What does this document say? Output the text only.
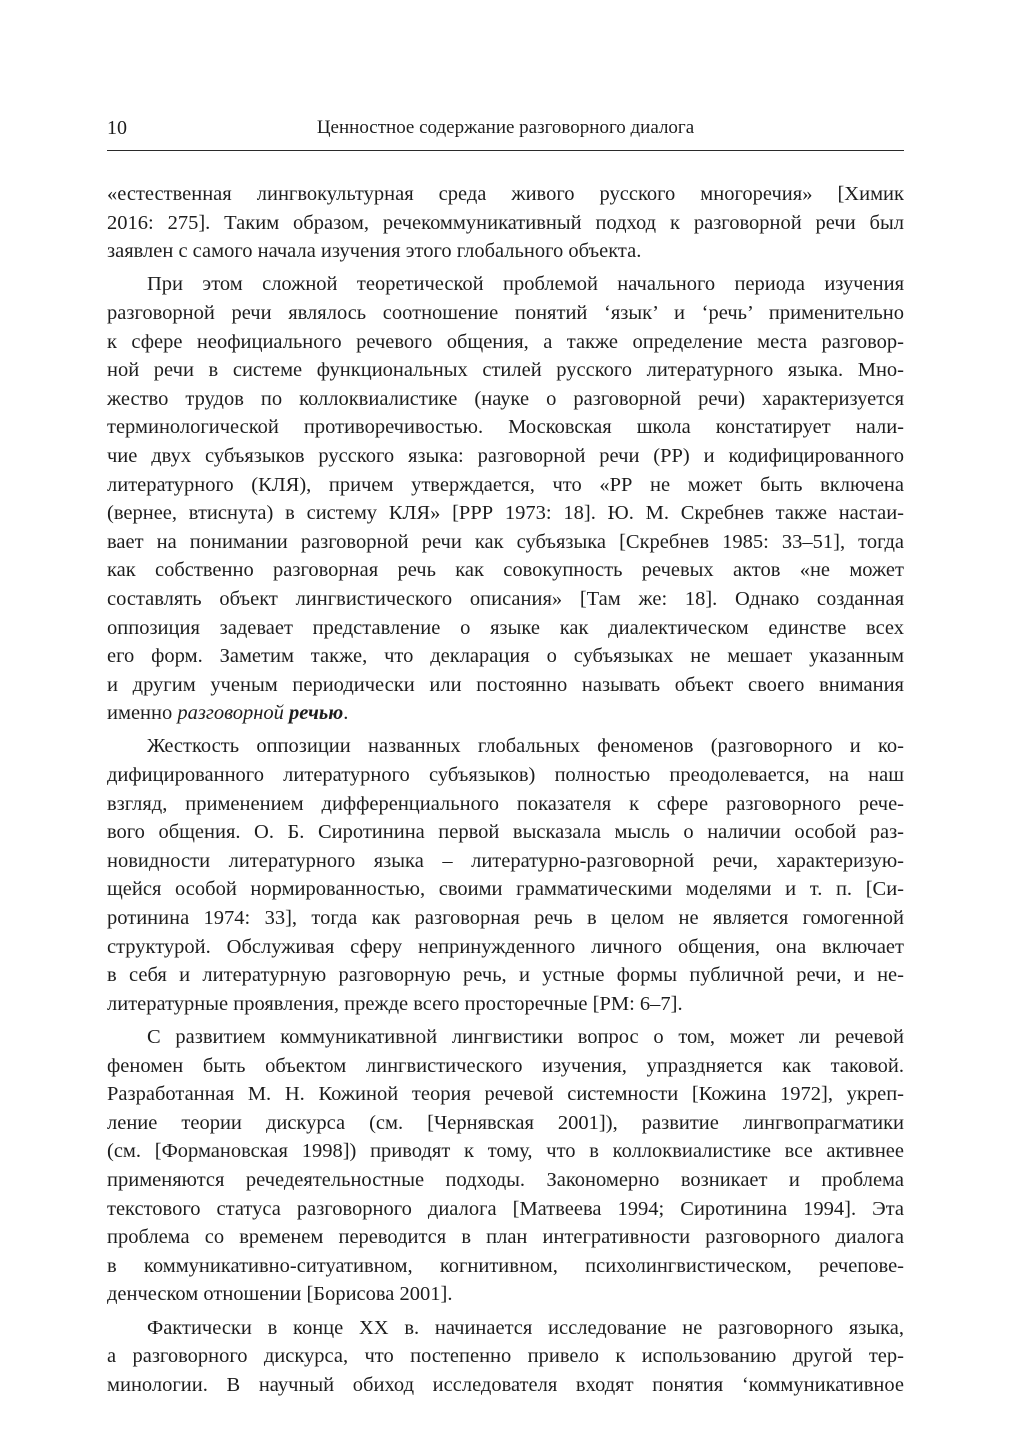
10	Ценностное содержание разговорного диалога

«естественная лингвокультурная среда живого русского многоречия» [Химик
2016: 275]. Таким образом, речекоммуникативный подход к разговорной речи был
заявлен с самого начала изучения этого глобального объекта.

При этом сложной теоретической проблемой начального периода изучения
разговорной речи являлось соотношение понятий ‘язык’ и ‘речь’ применительно
к сфере неофициального речевого общения, а также определение места разговор-
ной речи в системе функциональных стилей русского литературного языка. Мно-
жество трудов по коллоквиалистике (науке о разговорной речи) характеризуется
терминологической противоречивостью. Московская школа констатирует нали-
чие двух субъязыков русского языка: разговорной речи (РР) и кодифицированного
литературного (КЛЯ), причем утверждается, что «РР не может быть включена
(вернее, втиснута) в систему КЛЯ» [РРР 1973: 18]. Ю. М. Скребнев также настаи-
вает на понимании разговорной речи как субъязыка [Скребнев 1985: 33–51], тогда
как собственно разговорная речь как совокупность речевых актов «не может
составлять объект лингвистического описания» [Там же: 18]. Однако созданная
оппозиция задевает представление о языке как диалектическом единстве всех
его форм. Заметим также, что декларация о субъязыках не мешает указанным
и другим ученым периодически или постоянно называть объект своего внимания
именно разговорной речью.

Жесткость оппозиции названных глобальных феноменов (разговорного и ко-
дифицированного литературного субъязыков) полностью преодолевается, на наш
взгляд, применением дифференциального показателя к сфере разговорного рече-
вого общения. О. Б. Сиротинина первой высказала мысль о наличии особой раз-
новидности литературного языка – литературно-разговорной речи, характеризую-
щейся особой нормированностью, своими грамматическими моделями и т. п. [Си-
ротинина 1974: 33], тогда как разговорная речь в целом не является гомогенной
структурой. Обслуживая сферу непринужденного личного общения, она включает
в себя и литературную разговорную речь, и устные формы публичной речи, и не-
литературные проявления, прежде всего просторечные [РМ: 6–7].

С развитием коммуникативной лингвистики вопрос о том, может ли речевой
феномен быть объектом лингвистического изучения, упраздняется как таковой.
Разработанная М. Н. Кожиной теория речевой системности [Кожина 1972], укреп-
ление теории дискурса (см. [Чернявская 2001]), развитие лингвопрагматики
(см. [Формановская 1998]) приводят к тому, что в коллоквиалистике все активнее
применяются речедеятельностные подходы. Закономерно возникает и проблема
текстового статуса разговорного диалога [Матвеева 1994; Сиротинина 1994]. Эта
проблема со временем переводится в план интегративности разговорного диалога
в коммуникативно-ситуативном, когнитивном, психолингвистическом, речепове-
денческом отношении [Борисова 2001].

Фактически в конце XX в. начинается исследование не разговорного языка,
а разговорного дискурса, что постепенно привело к использованию другой тер-
минологии. В научный обиход исследователя входят понятия ‘коммуникативное
